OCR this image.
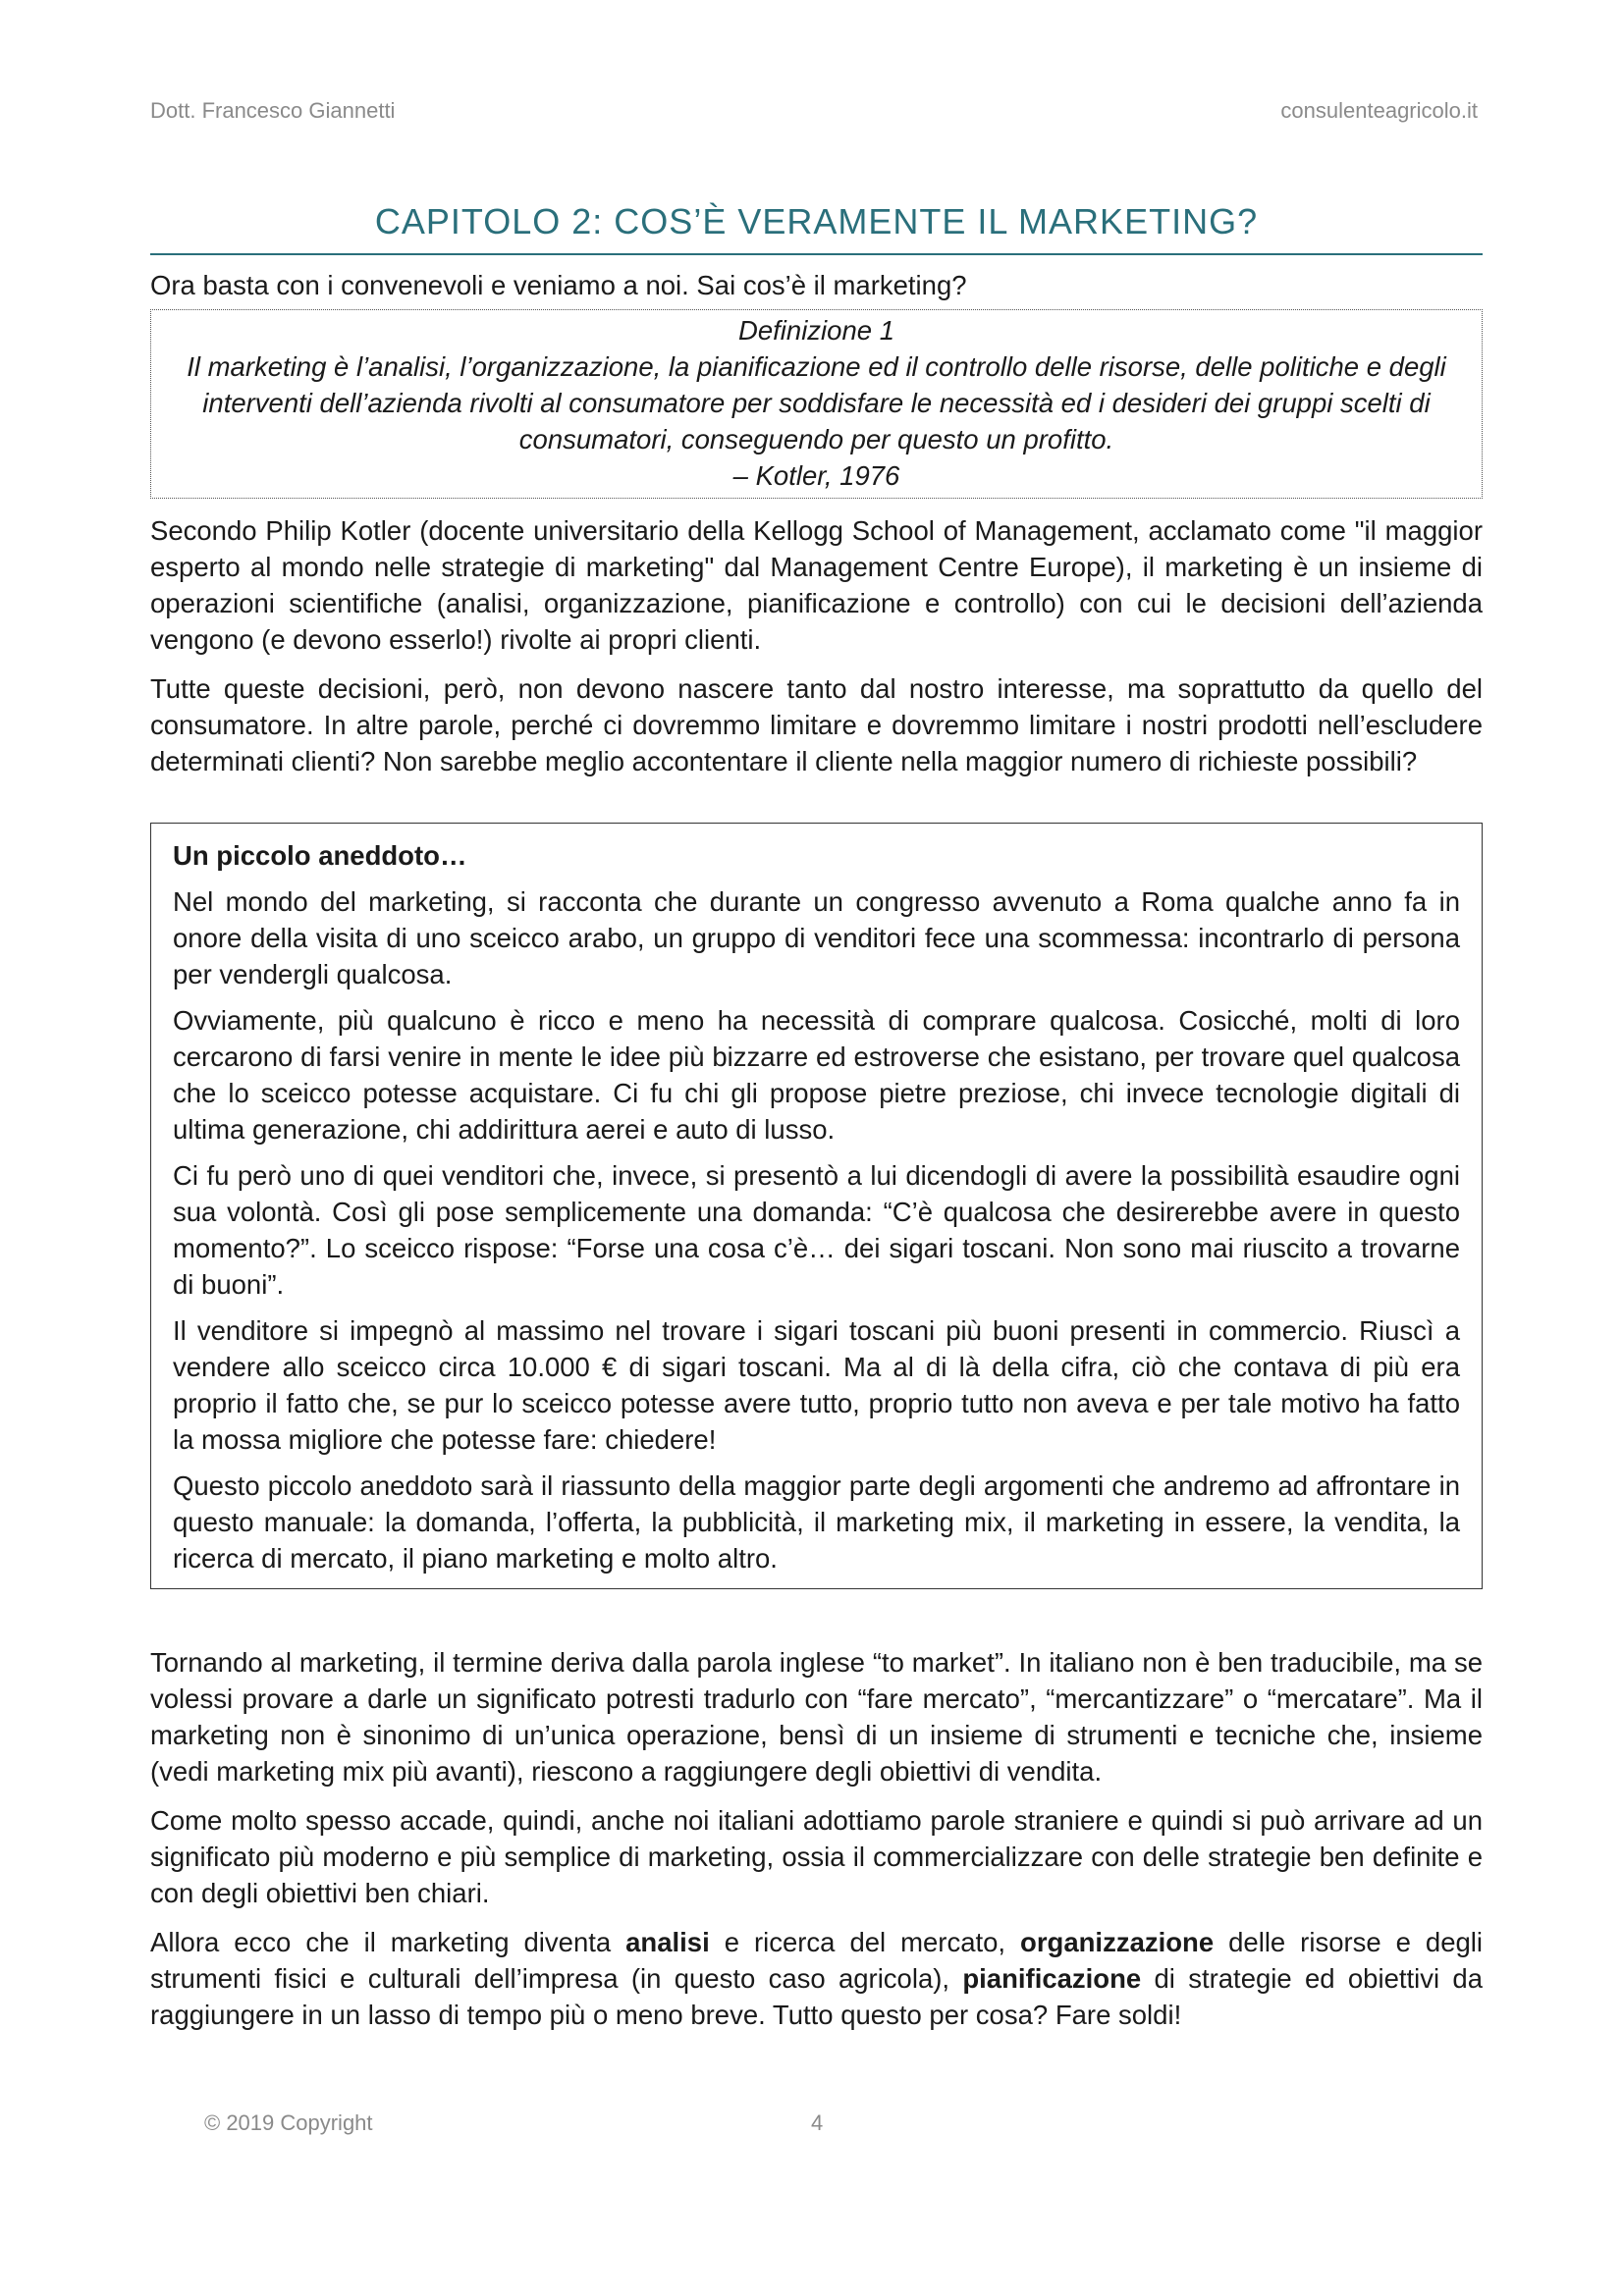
Dott. Francesco Giannetti	consulenteagricolo.it
CAPITOLO 2: COS’È VERAMENTE IL MARKETING?

Ora basta con i convenevoli e veniamo a noi. Sai cos’è il marketing?

Definizione 1
Il marketing è l’analisi, l’organizzazione, la pianificazione ed il controllo delle risorse, delle politiche e degli interventi dell’azienda rivolti al consumatore per soddisfare le necessità ed i desideri dei gruppi scelti di consumatori, conseguendo per questo un profitto.
– Kotler, 1976

Secondo Philip Kotler (docente universitario della Kellogg School of Management, acclamato come "il maggior esperto al mondo nelle strategie di marketing" dal Management Centre Europe), il marketing è un insieme di operazioni scientifiche (analisi, organizzazione, pianificazione e controllo) con cui le decisioni dell’azienda vengono (e devono esserlo!) rivolte ai propri clienti.

Tutte queste decisioni, però, non devono nascere tanto dal nostro interesse, ma soprattutto da quello del consumatore. In altre parole, perché ci dovremmo limitare e dovremmo limitare i nostri prodotti nell’escludere determinati clienti? Non sarebbe meglio accontentare il cliente nella maggior numero di richieste possibili?

Un piccolo aneddoto…

Nel mondo del marketing, si racconta che durante un congresso avvenuto a Roma qualche anno fa in onore della visita di uno sceicco arabo, un gruppo di venditori fece una scommessa: incontrarlo di persona per vendergli qualcosa.

Ovviamente, più qualcuno è ricco e meno ha necessità di comprare qualcosa. Cosicché, molti di loro cercarono di farsi venire in mente le idee più bizzarre ed estroverse che esistano, per trovare quel qualcosa che lo sceicco potesse acquistare. Ci fu chi gli propose pietre preziose, chi invece tecnologie digitali di ultima generazione, chi addirittura aerei e auto di lusso.

Ci fu però uno di quei venditori che, invece, si presentò a lui dicendogli di avere la possibilità esaudire ogni sua volontà. Così gli pose semplicemente una domanda: “C’è qualcosa che desirerebbe avere in questo momento?”. Lo sceicco rispose: “Forse una cosa c’è… dei sigari toscani. Non sono mai riuscito a trovarne di buoni”.

Il venditore si impegnò al massimo nel trovare i sigari toscani più buoni presenti in commercio. Riuscì a vendere allo sceicco circa 10.000 € di sigari toscani. Ma al di là della cifra, ciò che contava di più era proprio il fatto che, se pur lo sceicco potesse avere tutto, proprio tutto non aveva e per tale motivo ha fatto la mossa migliore che potesse fare: chiedere!

Questo piccolo aneddoto sarà il riassunto della maggior parte degli argomenti che andremo ad affrontare in questo manuale: la domanda, l’offerta, la pubblicità, il marketing mix, il marketing in essere, la vendita, la ricerca di mercato, il piano marketing e molto altro.

Tornando al marketing, il termine deriva dalla parola inglese “to market”. In italiano non è ben traducibile, ma se volessi provare a darle un significato potresti tradurlo con “fare mercato”, “mercantizzare” o “mercatare”. Ma il marketing non è sinonimo di un’unica operazione, bensì di un insieme di strumenti e tecniche che, insieme (vedi marketing mix più avanti), riescono a raggiungere degli obiettivi di vendita.

Come molto spesso accade, quindi, anche noi italiani adottiamo parole straniere e quindi si può arrivare ad un significato più moderno e più semplice di marketing, ossia il commercializzare con delle strategie ben definite e con degli obiettivi ben chiari.

Allora ecco che il marketing diventa analisi e ricerca del mercato, organizzazione delle risorse e degli strumenti fisici e culturali dell’impresa (in questo caso agricola), pianificazione di strategie ed obiettivi da raggiungere in un lasso di tempo più o meno breve. Tutto questo per cosa? Fare soldi!

© 2019 Copyright	4
